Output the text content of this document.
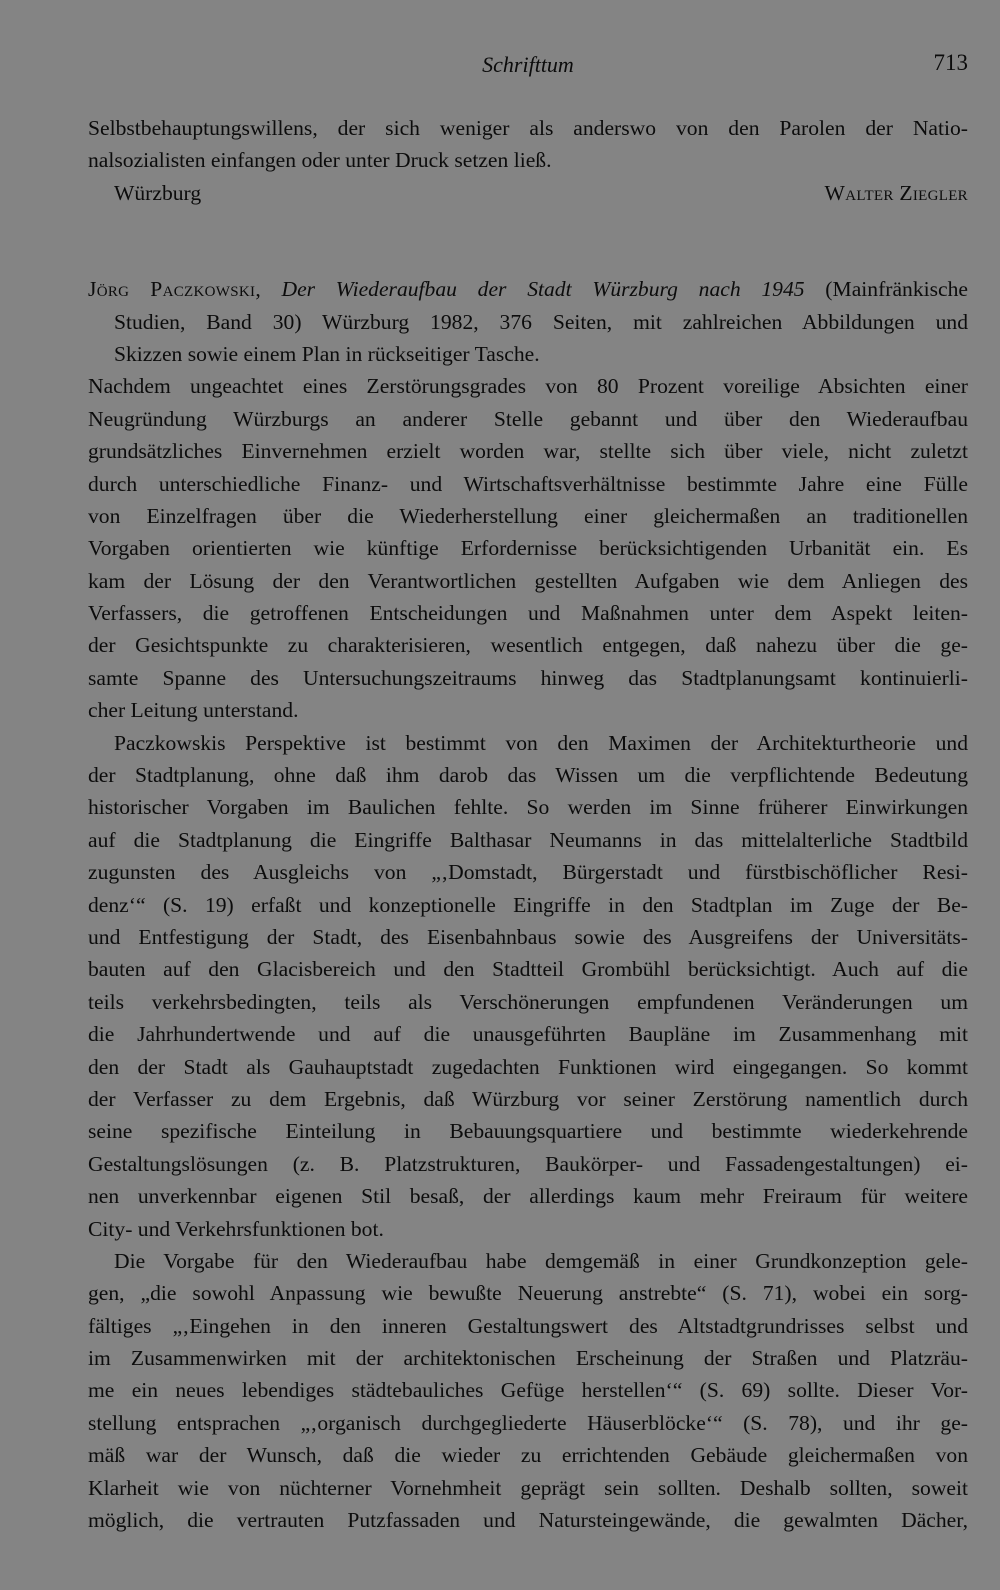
Schrifttum	713
Selbstbehauptungswillens, der sich weniger als anderswo von den Parolen der Natio-
nalsozialisten einfangen oder unter Druck setzen ließ.
Würzburg	Walter Ziegler
Jörg Paczkowski, Der Wiederaufbau der Stadt Würzburg nach 1945 (Mainfränkische
Studien, Band 30) Würzburg 1982, 376 Seiten, mit zahlreichen Abbildungen und
Skizzen sowie einem Plan in rückseitiger Tasche.
Nachdem ungeachtet eines Zerstörungsgrades von 80 Prozent voreilige Absichten einer
Neugründung Würzburgs an anderer Stelle gebannt und über den Wiederaufbau
grundsätzliches Einvernehmen erzielt worden war, stellte sich über viele, nicht zuletzt
durch unterschiedliche Finanz- und Wirtschaftsverhältnisse bestimmte Jahre eine Fülle
von Einzelfragen über die Wiederherstellung einer gleichermaßen an traditionellen
Vorgaben orientierten wie künftige Erfordernisse berücksichtigenden Urbanität ein. Es
kam der Lösung der den Verantwortlichen gestellten Aufgaben wie dem Anliegen des
Verfassers, die getroffenen Entscheidungen und Maßnahmen unter dem Aspekt leiten-
der Gesichtspunkte zu charakterisieren, wesentlich entgegen, daß nahezu über die ge-
samte Spanne des Untersuchungszeitraums hinweg das Stadtplanungsamt kontinuierli-
cher Leitung unterstand.
Paczkowskis Perspektive ist bestimmt von den Maximen der Architekturtheorie und
der Stadtplanung, ohne daß ihm darob das Wissen um die verpflichtende Bedeutung
historischer Vorgaben im Baulichen fehlte. So werden im Sinne früherer Einwirkungen
auf die Stadtplanung die Eingriffe Balthasar Neumanns in das mittelalterliche Stadtbild
zugunsten des Ausgleichs von „‚Domstadt, Bürgerstadt und fürstbischöflicher Resi-
denz‘“ (S. 19) erfaßt und konzeptionelle Eingriffe in den Stadtplan im Zuge der Be-
und Entfestigung der Stadt, des Eisenbahnbaus sowie des Ausgreifens der Universitäts-
bauten auf den Glacisbereich und den Stadtteil Grombühl berücksichtigt. Auch auf die
teils verkehrsbedingten, teils als Verschönerungen empfundenen Veränderungen um
die Jahrhundertwende und auf die unausgeführten Baupläne im Zusammenhang mit
den der Stadt als Gauhauptstadt zugedachten Funktionen wird eingegangen. So kommt
der Verfasser zu dem Ergebnis, daß Würzburg vor seiner Zerstörung namentlich durch
seine spezifische Einteilung in Bebauungsquartiere und bestimmte wiederkehrende
Gestaltungslösungen (z. B. Platzstrukturen, Baukörper- und Fassadengestaltungen) ei-
nen unverkennbar eigenen Stil besaß, der allerdings kaum mehr Freiraum für weitere
City- und Verkehrsfunktionen bot.
Die Vorgabe für den Wiederaufbau habe demgemäß in einer Grundkonzeption gele-
gen, „die sowohl Anpassung wie bewußte Neuerung anstrebte“ (S. 71), wobei ein sorg-
fältiges „‚Eingehen in den inneren Gestaltungswert des Altstadtgrundrisses selbst und
im Zusammenwirken mit der architektonischen Erscheinung der Straßen und Platzräu-
me ein neues lebendiges städtebauliches Gefüge herstellen‘“ (S. 69) sollte. Dieser Vor-
stellung entsprachen „‚organisch durchgegliederte Häuserblöcke‘“ (S. 78), und ihr ge-
mäß war der Wunsch, daß die wieder zu errichtenden Gebäude gleichermaßen von
Klarheit wie von nüchterner Vornehmheit geprägt sein sollten. Deshalb sollten, soweit
möglich, die vertrauten Putzfassaden und Natursteingewände, die gewalmten Dächer,
